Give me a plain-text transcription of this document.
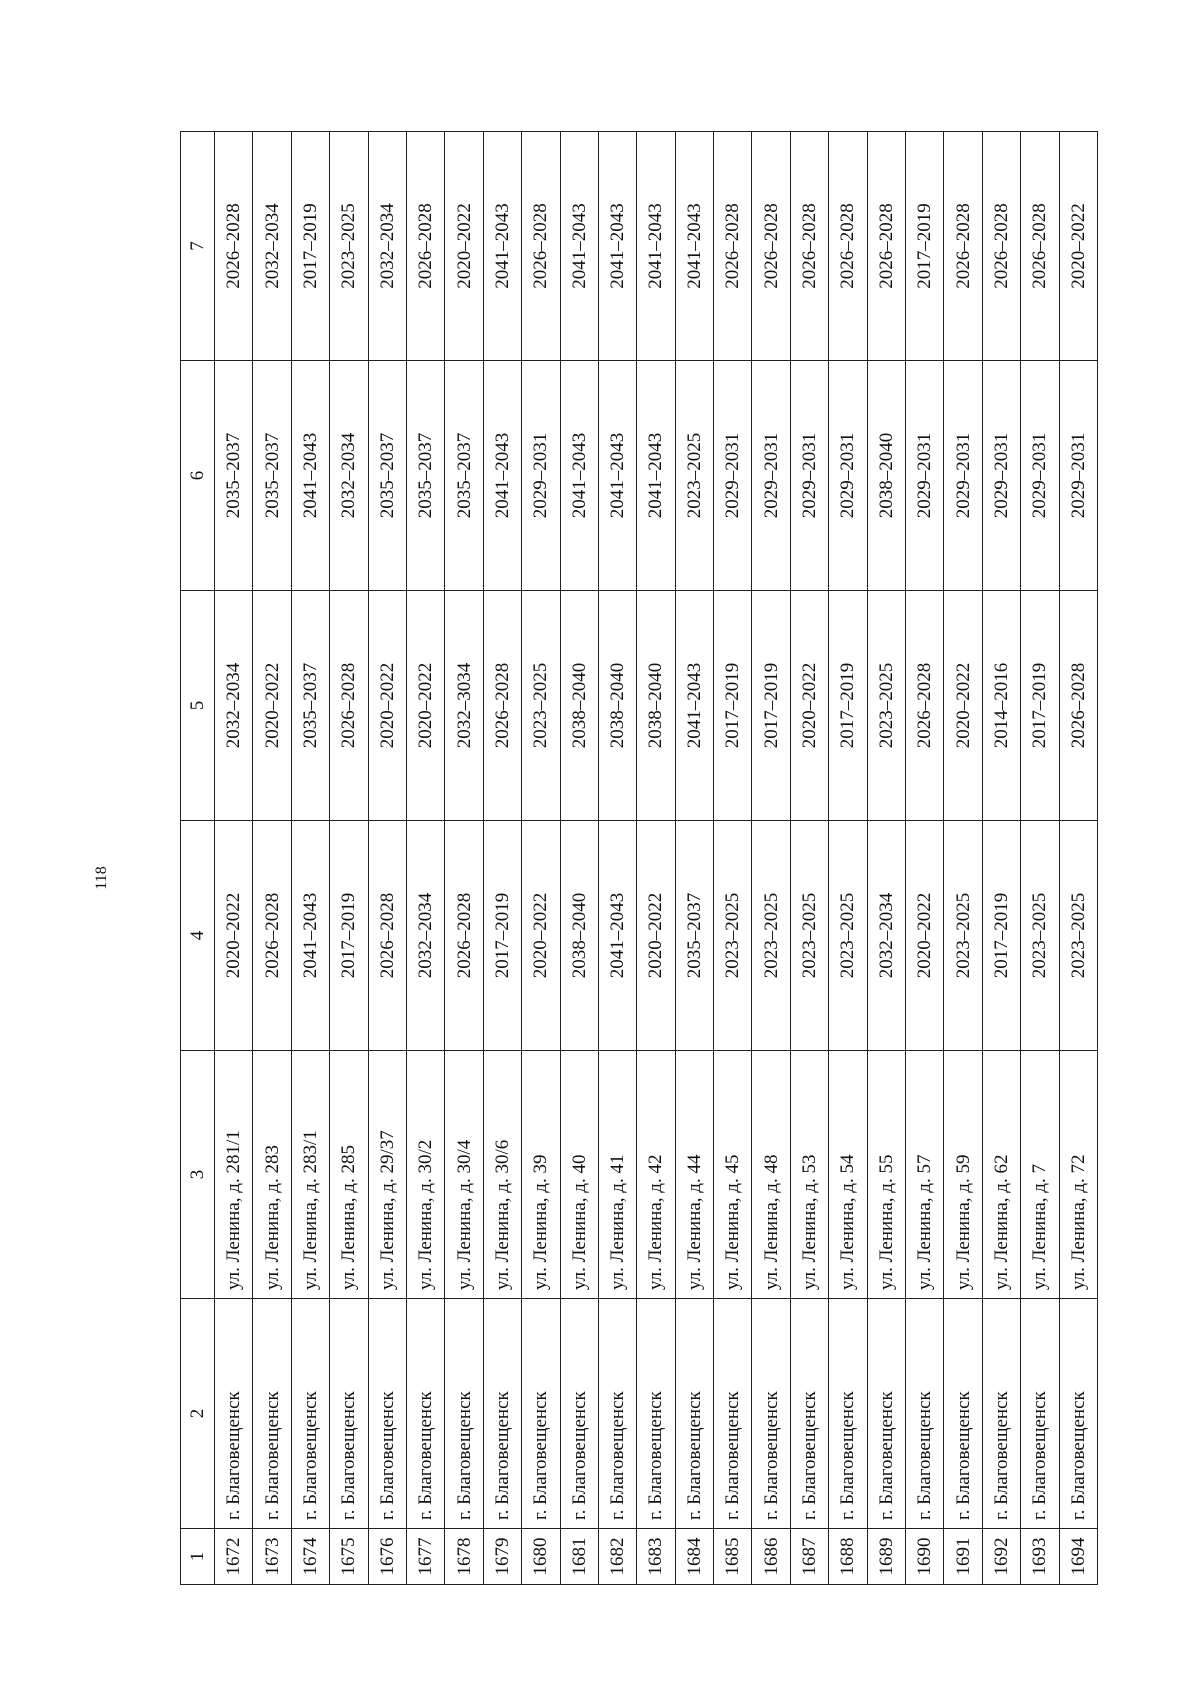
118
1	2	3	4	5	6	7
1672	г. Благовещенск	ул. Ленина, д. 281/1	2020–2022	2032–2034	2035–2037	2026–2028
1673	г. Благовещенск	ул. Ленина, д. 283	2026–2028	2020–2022	2035–2037	2032–2034
1674	г. Благовещенск	ул. Ленина, д. 283/1	2041–2043	2035–2037	2041–2043	2017–2019
1675	г. Благовещенск	ул. Ленина, д. 285	2017–2019	2026–2028	2032–2034	2023–2025
1676	г. Благовещенск	ул. Ленина, д. 29/37	2026–2028	2020–2022	2035–2037	2032–2034
1677	г. Благовещенск	ул. Ленина, д. 30/2	2032–2034	2020–2022	2035–2037	2026–2028
1678	г. Благовещенск	ул. Ленина, д. 30/4	2026–2028	2032–3034	2035–2037	2020–2022
1679	г. Благовещенск	ул. Ленина, д. 30/6	2017–2019	2026–2028	2041–2043	2041–2043
1680	г. Благовещенск	ул. Ленина, д. 39	2020–2022	2023–2025	2029–2031	2026–2028
1681	г. Благовещенск	ул. Ленина, д. 40	2038–2040	2038–2040	2041–2043	2041–2043
1682	г. Благовещенск	ул. Ленина, д. 41	2041–2043	2038–2040	2041–2043	2041–2043
1683	г. Благовещенск	ул. Ленина, д. 42	2020–2022	2038–2040	2041–2043	2041–2043
1684	г. Благовещенск	ул. Ленина, д. 44	2035–2037	2041–2043	2023–2025	2041–2043
1685	г. Благовещенск	ул. Ленина, д. 45	2023–2025	2017–2019	2029–2031	2026–2028
1686	г. Благовещенск	ул. Ленина, д. 48	2023–2025	2017–2019	2029–2031	2026–2028
1687	г. Благовещенск	ул. Ленина, д. 53	2023–2025	2020–2022	2029–2031	2026–2028
1688	г. Благовещенск	ул. Ленина, д. 54	2023–2025	2017–2019	2029–2031	2026–2028
1689	г. Благовещенск	ул. Ленина, д. 55	2032–2034	2023–2025	2038–2040	2026–2028
1690	г. Благовещенск	ул. Ленина, д. 57	2020–2022	2026–2028	2029–2031	2017–2019
1691	г. Благовещенск	ул. Ленина, д. 59	2023–2025	2020–2022	2029–2031	2026–2028
1692	г. Благовещенск	ул. Ленина, д. 62	2017–2019	2014–2016	2029–2031	2026–2028
1693	г. Благовещенск	ул. Ленина, д. 7	2023–2025	2017–2019	2029–2031	2026–2028
1694	г. Благовещенск	ул. Ленина, д. 72	2023–2025	2026–2028	2029–2031	2020–2022
